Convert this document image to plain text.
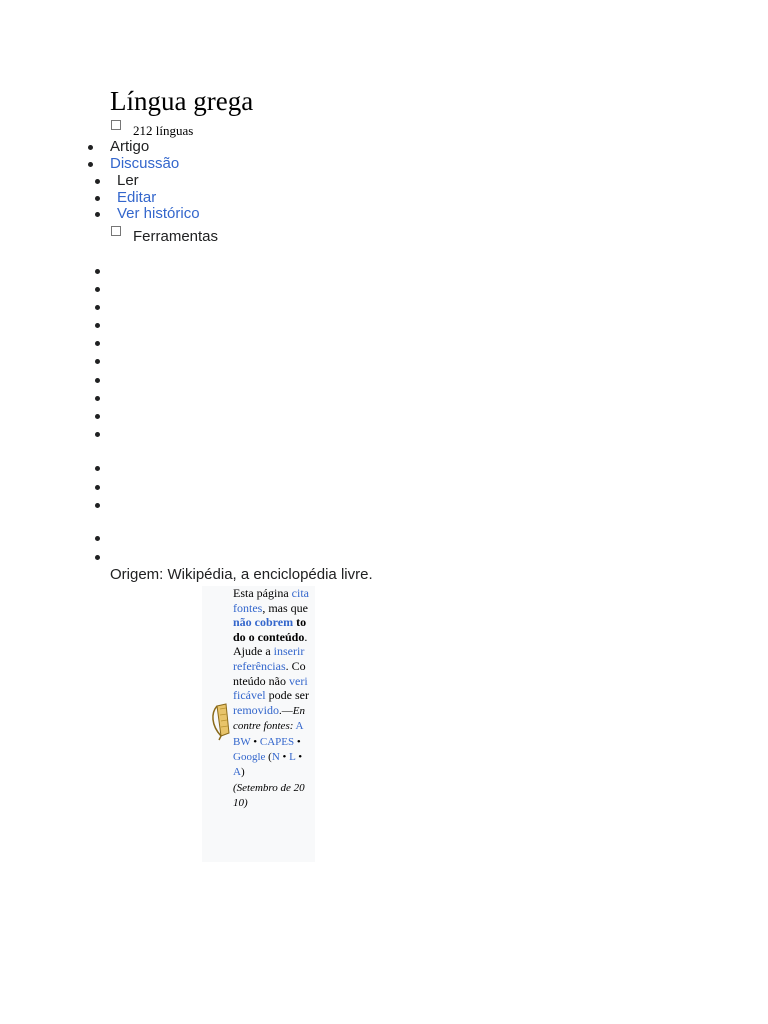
Língua grega
212 línguas
Artigo
Discussão
Ler
Editar
Ver histórico
Ferramentas
Origem: Wikipédia, a enciclopédia livre.
Esta página cita fontes, mas que não cobrem todo o conteúdo. Ajude a inserir referências. Conteúdo não verificável pode ser removido.—Encontre fontes: ABW • CAPES • Google (N • L • A)
(Setembro de 2010)
